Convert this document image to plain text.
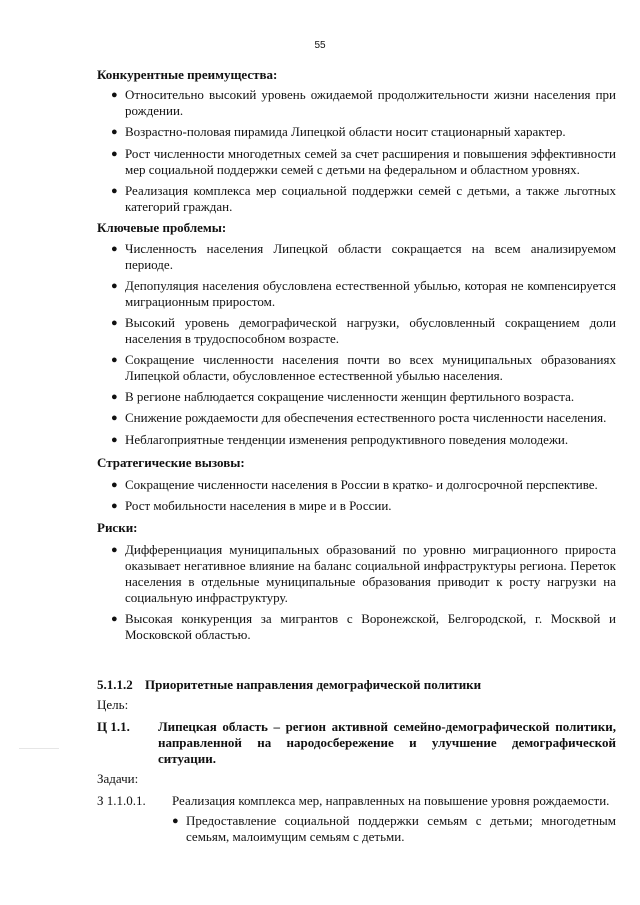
55
Конкурентные преимущества:
● Относительно высокий уровень ожидаемой продолжительности жизни населения при рождении.
● Возрастно-половая пирамида Липецкой области носит стационарный характер.
● Рост численности многодетных семей за счет расширения и повышения эффективности мер социальной поддержки семей с детьми на федеральном и областном уровнях.
● Реализация комплекса мер социальной поддержки семей с детьми, а также льготных категорий граждан.
Ключевые проблемы:
● Численность населения Липецкой области сокращается на всем анализируемом периоде.
● Депопуляция населения обусловлена естественной убылью, которая не компенсируется миграционным приростом.
● Высокий уровень демографической нагрузки, обусловленный сокращением доли населения в трудоспособном возрасте.
● Сокращение численности населения почти во всех муниципальных образованиях Липецкой области, обусловленное естественной убылью населения.
● В регионе наблюдается сокращение численности женщин фертильного возраста.
● Снижение рождаемости для обеспечения естественного роста численности населения.
● Неблагоприятные тенденции изменения репродуктивного поведения молодежи.
Стратегические вызовы:
● Сокращение численности населения в России в кратко- и долгосрочной перспективе.
● Рост мобильности населения в мире и в России.
Риски:
● Дифференциация муниципальных образований по уровню миграционного прироста оказывает негативное влияние на баланс социальной инфраструктуры региона. Переток населения в отдельные муниципальные образования приводит к росту нагрузки на социальную инфраструктуру.
● Высокая конкуренция за мигрантов с Воронежской, Белгородской, г. Москвой и Московской областью.
5.1.1.2 Приоритетные направления демографической политики
Цель:
Ц 1.1. Липецкая область – регион активной семейно-демографической политики, направленной на народосбережение и улучшение демографической ситуации.
Задачи:
З 1.1.0.1. Реализация комплекса мер, направленных на повышение уровня рождаемости.
● Предоставление социальной поддержки семьям с детьми; многодетным семьям, малоимущим семьям с детьми.
